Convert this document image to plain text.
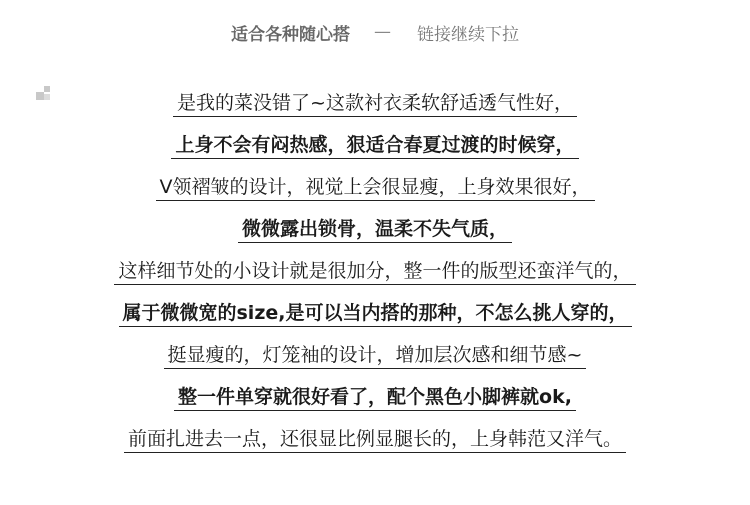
适合各种随心搭 — 链接继续下拉
是我的菜没错了~这款衬衣柔软舒适透气性好，
上身不会有闷热感，狠适合春夏过渡的时候穿，
V领褶皱的设计，视觉上会很显瘦，上身效果很好，
微微露出锁骨，温柔不失气质，
这样细节处的小设计就是很加分，整一件的版型还蛮洋气的，
属于微微宽的size,是可以当内搭的那种，不怎么挑人穿的，
挺显瘦的，灯笼袖的设计，增加层次感和细节感~
整一件单穿就很好看了，配个黑色小脚裤就ok,
前面扎进去一点，还很显比例显腿长的，上身韩范又洋气。
